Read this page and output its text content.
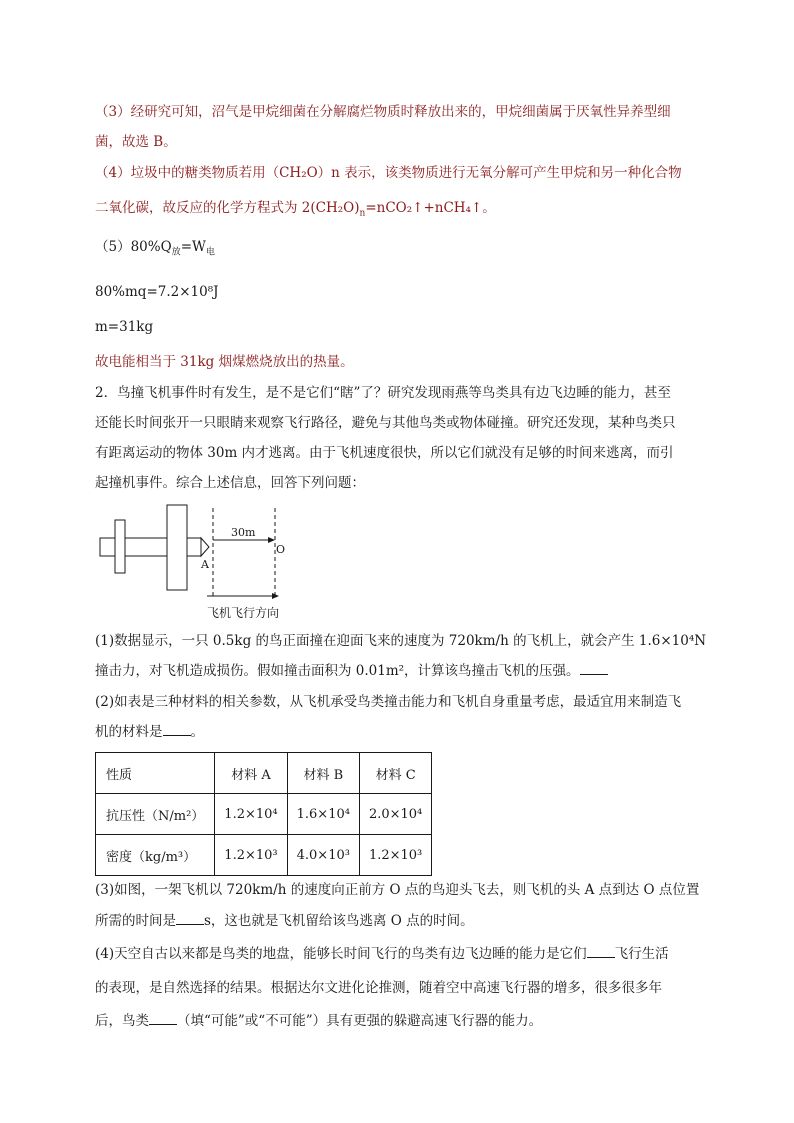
（3）经研究可知，沼气是甲烷细菌在分解腐烂物质时释放出来的，甲烷细菌属于厌氧性异养型细
菌，故选 B。
（4）垃圾中的糖类物质若用（CH₂O）n 表示，该类物质进行无氧分解可产生甲烷和另一种化合物
二氧化碳，故反应的化学方程式为 $2(CH_2O)_n=nCO_2↑+nCH_4↑$。
$(5)80\%Q_放=W_电$
80%mq=7.2×10⁸J
m=31kg
故电能相当于 31kg 烟煤燃烧放出的热量。
2．鸟撞飞机事件时有发生，是不是它们“瞎”了？研究发现雨燕等鸟类具有边飞边睡的能力，甚至
还能长时间张开一只眼睛来观察飞行路径，避免与其他鸟类或物体碰撞。研究还发现，某种鸟类只
有距离运动的物体 30m 内才逃离。由于飞机速度很快，所以它们就没有足够的时间来逃离，而引
起撞机事件。综合上述信息，回答下列问题：
30m
A
O
飞机飞行方向
(1)数据显示，一只 0.5kg 的鸟正面撞在迎面飞来的速度为 720km/h 的飞机上，就会产生 1.6×10⁴N
撞击力，对飞机造成损伤。假如撞击面积为 0.01m²，计算该鸟撞击飞机的压强。
(2)如表是三种材料的相关参数，从飞机承受鸟类撞击能力和飞机自身重量考虑，最适宜用来制造飞
机的材料是 。
性质	材料 A	材料 B	材料 C
抗压性（N/m²）	1.2×10⁴	1.6×10⁴	2.0×10⁴
密度（kg/m³）	1.2×10³	4.0×10³	1.2×10³
(3)如图，一架飞机以 720km/h 的速度向正前方 O 点的鸟迎头飞去，则飞机的头 A 点到达 O 点位置
所需的时间是 s，这也就是飞机留给该鸟逃离 O 点的时间。
(4)天空自古以来都是鸟类的地盘，能够长时间飞行的鸟类有边飞边睡的能力是它们 飞行生活
的表现，是自然选择的结果。根据达尔文进化论推测，随着空中高速飞行器的增多，很多很多年
后，鸟类 （填“可能”或“不可能”）具有更强的躲避高速飞行器的能力。
